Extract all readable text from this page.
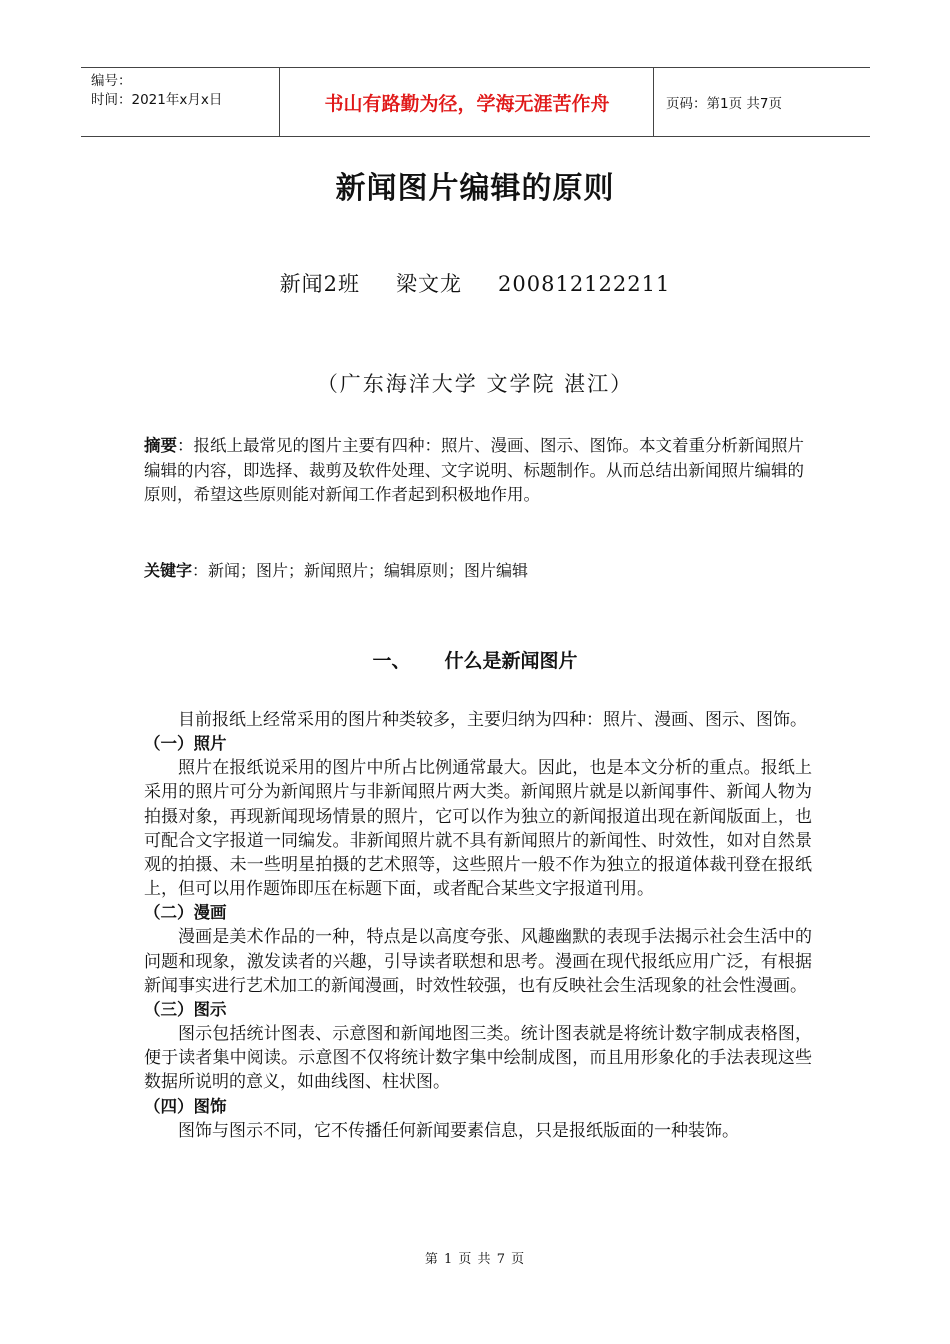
编号：
时间：2021年x月x日	书山有路勤为径，学海无涯苦作舟	页码：第1页 共7页
新闻图片编辑的原则
新闻2班 梁文龙 200812122211
（广东海洋大学 文学院 湛江）
摘要：报纸上最常见的图片主要有四种：照片、漫画、图示、图饰。本文着重分析新闻照片编辑的内容，即选择、裁剪及软件处理、文字说明、标题制作。从而总结出新闻照片编辑的原则，希望这些原则能对新闻工作者起到积极地作用。
关键字：新闻；图片；新闻照片；编辑原则；图片编辑
一、 什么是新闻图片

目前报纸上经常采用的图片种类较多，主要归纳为四种：照片、漫画、图示、图饰。

（一）照片

照片在报纸说采用的图片中所占比例通常最大。因此，也是本文分析的重点。报纸上采用的照片可分为新闻照片与非新闻照片两大类。新闻照片就是以新闻事件、新闻人物为拍摄对象，再现新闻现场情景的照片，它可以作为独立的新闻报道出现在新闻版面上，也可配合文字报道一同编发。非新闻照片就不具有新闻照片的新闻性、时效性，如对自然景观的拍摄、未一些明星拍摄的艺术照等，这些照片一般不作为独立的报道体裁刊登在报纸上，但可以用作题饰即压在标题下面，或者配合某些文字报道刊用。

（二）漫画

漫画是美术作品的一种，特点是以高度夸张、风趣幽默的表现手法揭示社会生活中的问题和现象，激发读者的兴趣，引导读者联想和思考。漫画在现代报纸应用广泛，有根据新闻事实进行艺术加工的新闻漫画，时效性较强，也有反映社会生活现象的社会性漫画。

（三）图示

图示包括统计图表、示意图和新闻地图三类。统计图表就是将统计数字制成表格图，便于读者集中阅读。示意图不仅将统计数字集中绘制成图，而且用形象化的手法表现这些数据所说明的意义，如曲线图、柱状图。

（四）图饰

图饰与图示不同，它不传播任何新闻要素信息，只是报纸版面的一种装饰。

第 1 页 共 7 页
